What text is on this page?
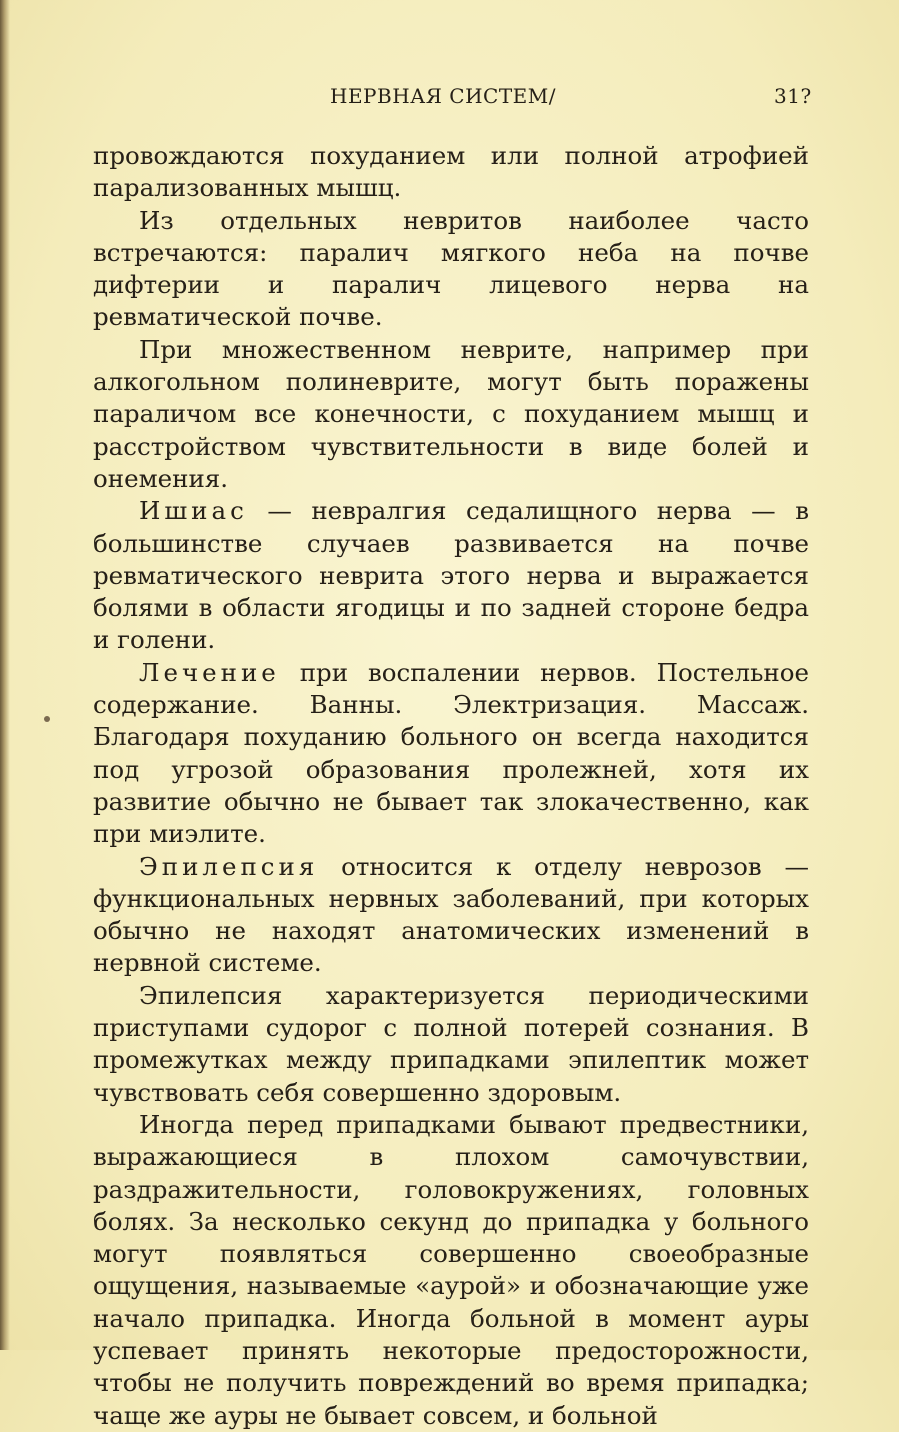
НЕРВНАЯ СИСТЕМ/	31?

провождаются похуданием или полной атрофией парализованных мышц.

Из отдельных невритов наиболее часто встречаются: паралич мягкого неба на почве дифтерии и паралич лицевого нерва на ревматической почве.

При множественном неврите, например при алкогольном полиневрите, могут быть поражены параличом все конечности, с похуданием мышц и расстройством чувствительности в виде болей и онемения.

Ишиас — невралгия седалищного нерва — в большинстве случаев развивается на почве ревматического неврита этого нерва и выражается болями в области ягодицы и по задней стороне бедра и голени.

Лечение при воспалении нервов. Постельное содержание. Ванны. Электризация. Массаж. Благодаря похуданию больного он всегда находится под угрозой образования пролежней, хотя их развитие обычно не бывает так злокачественно, как при миэлите.

Эпилепсия относится к отделу неврозов — функциональных нервных заболеваний, при которых обычно не находят анатомических изменений в нервной системе.

Эпилепсия характеризуется периодическими приступами судорог с полной потерей сознания. В промежутках между припадками эпилептик может чувствовать себя совершенно здоровым.

Иногда перед припадками бывают предвестники, выражающиеся в плохом самочувствии, раздражительности, головокружениях, головных болях. За несколько секунд до припадка у больного могут появляться совершенно своеобразные ощущения, называемые «аурой» и обозначающие уже начало припадка. Иногда больной в момент ауры успевает принять некоторые предосторожности, чтобы не получить повреждений во время припадка; чаще же ауры не бывает совсем, и больной
